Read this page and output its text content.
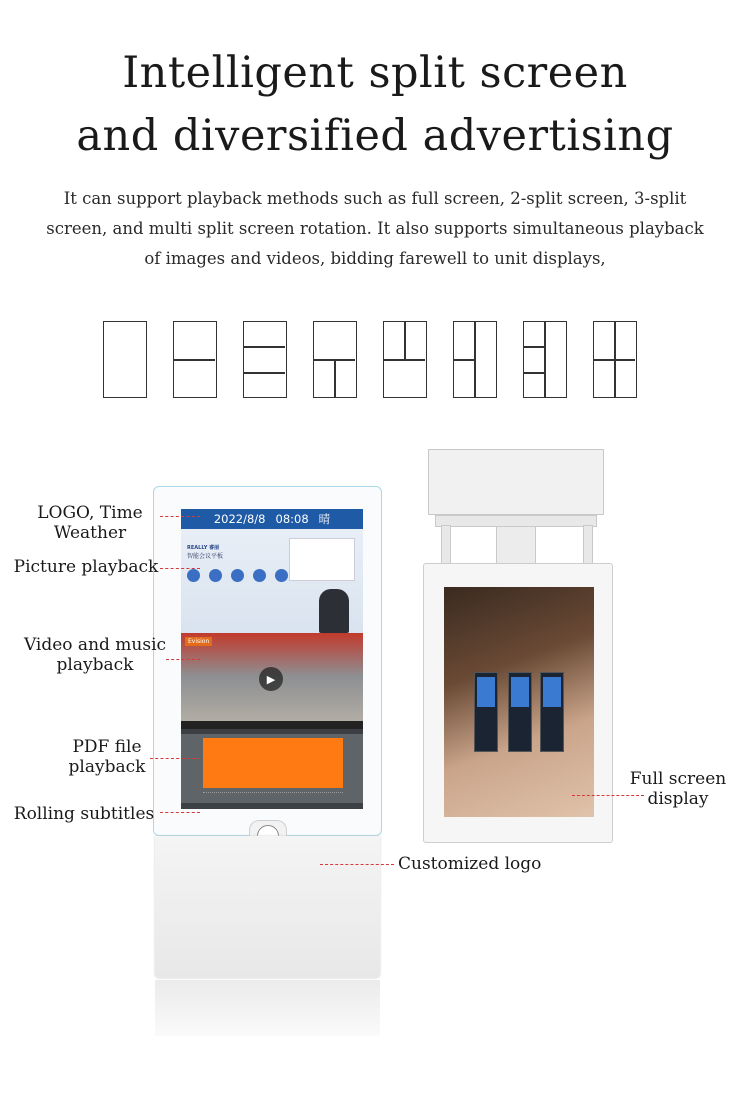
Intelligent split screen
and diversified advertising
It can support playback methods such as full screen, 2-split screen, 3-split screen, and multi split screen rotation. It also supports simultaneous playback of images and videos, bidding farewell to unit displays,
2022/8/8 08:08 晴
REALLY 睿丽
智能会议平板
Evision
▶
LOGO, Time Weather
Picture playback
Video and music playback
PDF file playback
Rolling subtitles
Customized logo
Full screen display
